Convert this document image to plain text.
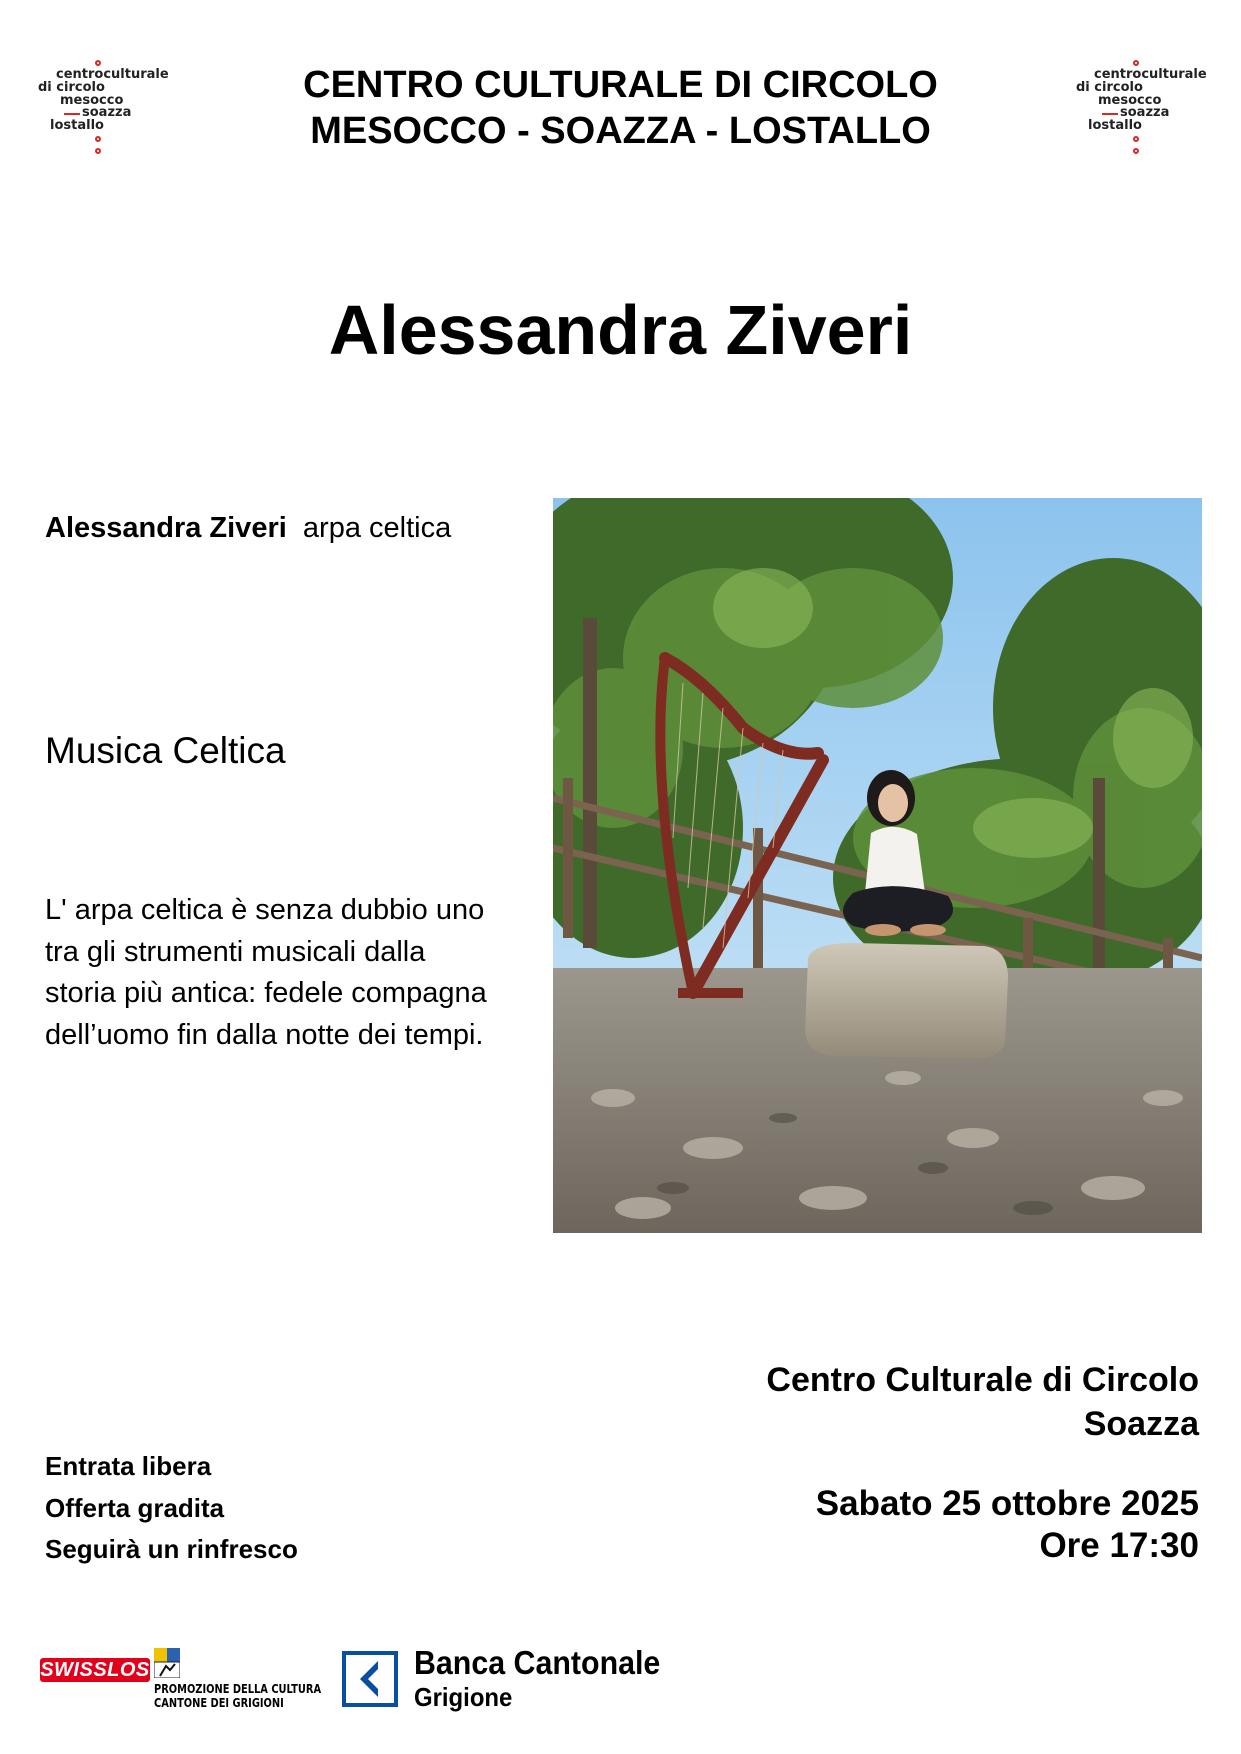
centroculturale
di circolo
mesocco
soazza
lostallo
CENTRO CULTURALE DI CIRCOLO
MESOCCO - SOAZZA - LOSTALLO
centroculturale
di circolo
mesocco
soazza
lostallo
Alessandra Ziveri
Alessandra Ziveri arpa celtica
Musica Celtica
L' arpa celtica è senza dubbio uno tra gli strumenti musicali dalla storia più antica: fedele compagna dell’uomo fin dalla notte dei tempi.
Centro Culturale di Circolo
Soazza
Entrata libera
Offerta gradita
Seguirà un rinfresco
Sabato 25 ottobre 2025
Ore 17:30
SWISSLOS
PROMOZIONE DELLA CULTURA
CANTONE DEI GRIGIONI
Banca Cantonale
Grigione
